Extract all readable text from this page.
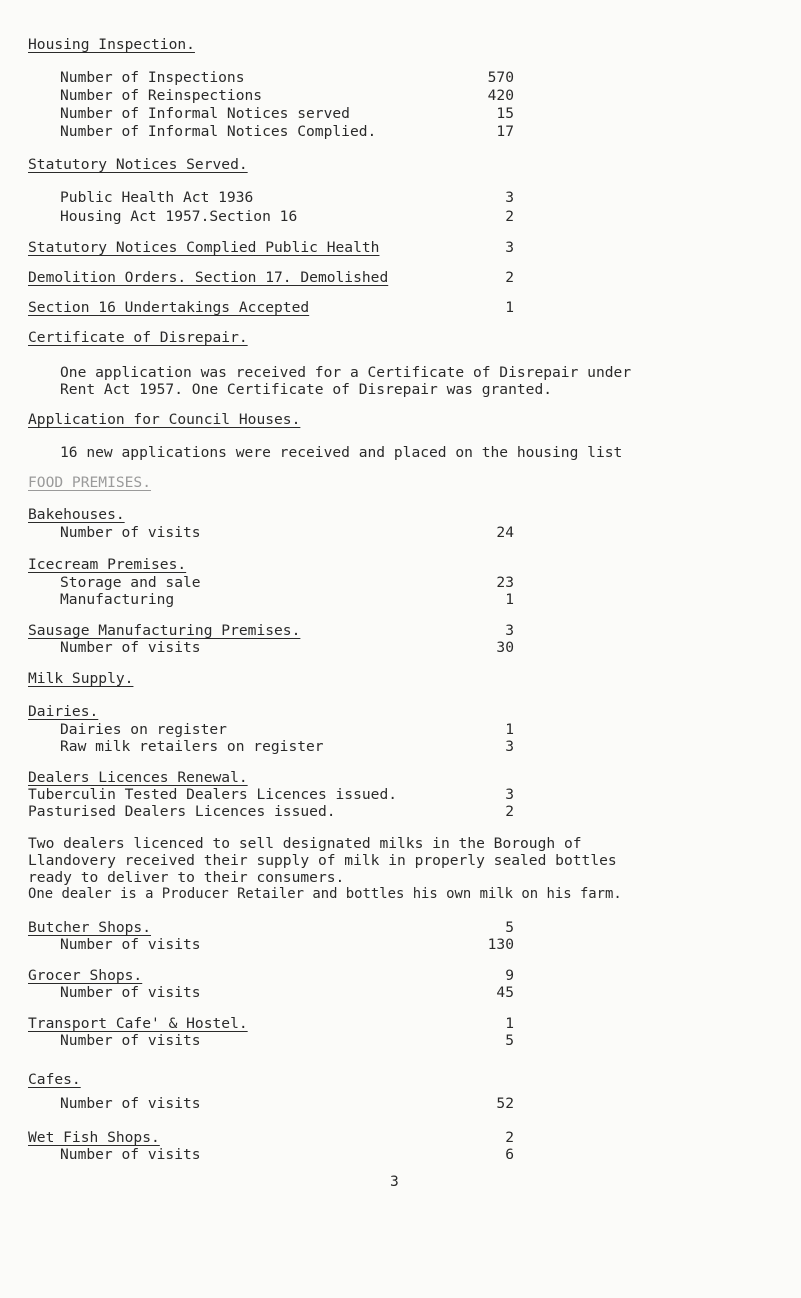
Housing Inspection.
Number of Inspections	570
Number of Reinspections	420
Number of Informal Notices served	15
Number of Informal Notices Complied.	17
Statutory Notices Served.
Public Health Act 1936	3
Housing Act 1957.Section 16	2
Statutory Notices Complied Public Health	3
Demolition Orders. Section 17. Demolished	2
Section 16 Undertakings Accepted	1
Certificate of Disrepair.
One application was received for a Certificate of Disrepair under
Rent Act 1957. One Certificate of Disrepair was granted.
Application for Council Houses.
16 new applications were received and placed on the housing list
FOOD PREMISES.
Bakehouses.
Number of visits	24
Icecream Premises.
Storage and sale	23
Manufacturing	1
Sausage Manufacturing Premises.	3
Number of visits	30
Milk Supply.
Dairies.
Dairies on register	1
Raw milk retailers on register	3
Dealers Licences Renewal.
Tuberculin Tested Dealers Licences issued.	3
Pasturised Dealers Licences issued.	2
Two dealers licenced to sell designated milks in the Borough of
Llandovery received their supply of milk in properly sealed bottles
ready to deliver to their consumers.
One dealer is a Producer Retailer and bottles his own milk on his farm.
Butcher Shops.	5
Number of visits	130
Grocer Shops.	9
Number of visits	45
Transport Cafe' & Hostel.	1
Number of visits	5
Cafes.
Number of visits	52
Wet Fish Shops.	2
Number of visits	6
3
